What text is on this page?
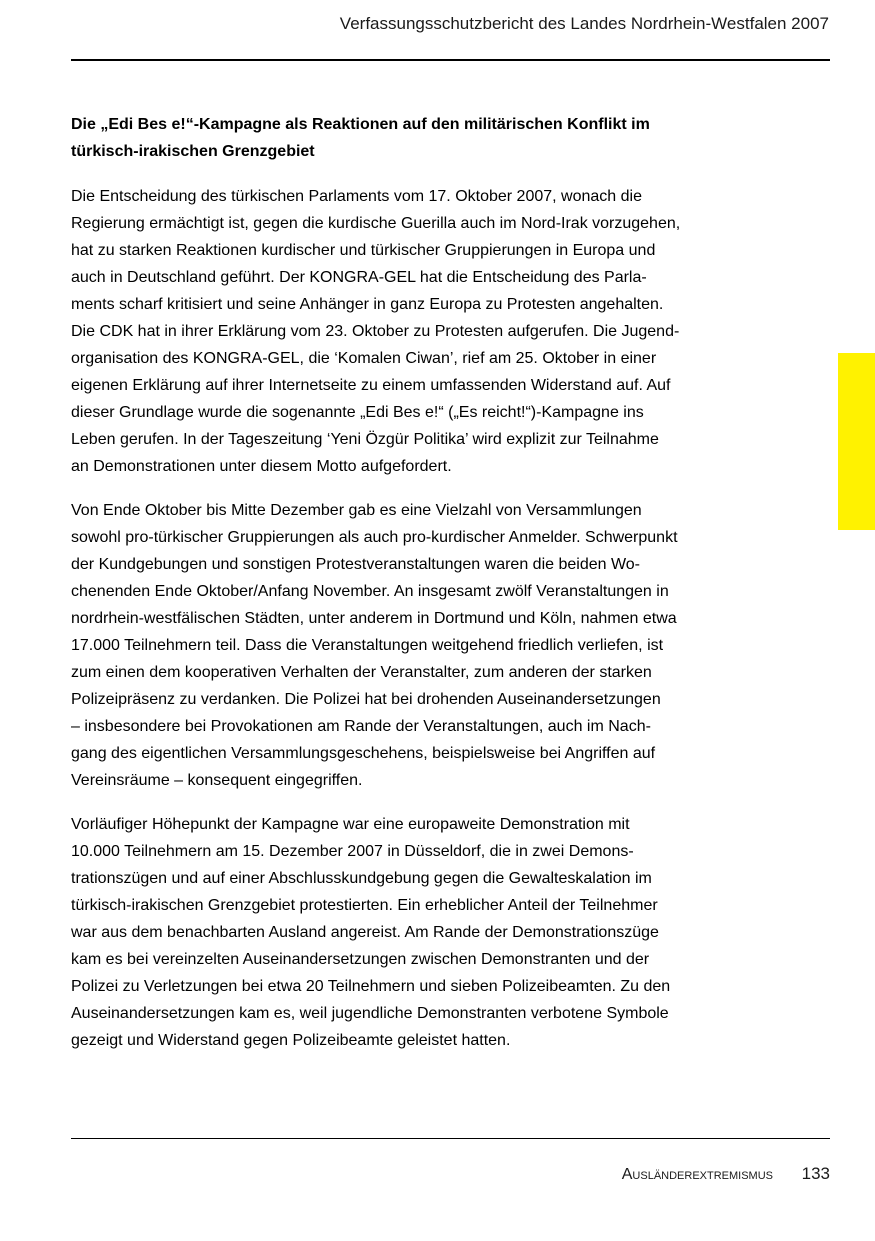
Verfassungsschutzbericht des Landes Nordrhein-Westfalen 2007
Die „Edi Bes e!“-Kampagne als Reaktionen auf den militärischen Konflikt im
türkisch-irakischen Grenzgebiet

Die Entscheidung des türkischen Parlaments vom 17. Oktober 2007, wonach die
Regierung ermächtigt ist, gegen die kurdische Guerilla auch im Nord-Irak vorzugehen,
hat zu starken Reaktionen kurdischer und türkischer Gruppierungen in Europa und
auch in Deutschland geführt. Der KONGRA-GEL hat die Entscheidung des Parla-
ments scharf kritisiert und seine Anhänger in ganz Europa zu Protesten angehalten.
Die CDK hat in ihrer Erklärung vom 23. Oktober zu Protesten aufgerufen. Die Jugend-
organisation des KONGRA-GEL, die ‘Komalen Ciwan’, rief am 25. Oktober in einer
eigenen Erklärung auf ihrer Internetseite zu einem umfassenden Widerstand auf. Auf
dieser Grundlage wurde die sogenannte „Edi Bes e!“ („Es reicht!“)-Kampagne ins
Leben gerufen. In der Tageszeitung ‘Yeni Özgür Politika’ wird explizit zur Teilnahme
an Demonstrationen unter diesem Motto aufgefordert.

Von Ende Oktober bis Mitte Dezember gab es eine Vielzahl von Versammlungen
sowohl pro-türkischer Gruppierungen als auch pro-kurdischer Anmelder. Schwerpunkt
der Kundgebungen und sonstigen Protestveranstaltungen waren die beiden Wo-
chenenden Ende Oktober/Anfang November. An insgesamt zwölf Veranstaltungen in
nordrhein-westfälischen Städten, unter anderem in Dortmund und Köln, nahmen etwa
17.000 Teilnehmern teil. Dass die Veranstaltungen weitgehend friedlich verliefen, ist
zum einen dem kooperativen Verhalten der Veranstalter, zum anderen der starken
Polizeipräsenz zu verdanken. Die Polizei hat bei drohenden Auseinandersetzungen
– insbesondere bei Provokationen am Rande der Veranstaltungen, auch im Nach-
gang des eigentlichen Versammlungsgeschehens, beispielsweise bei Angriffen auf
Vereinsräume – konsequent eingegriffen.

Vorläufiger Höhepunkt der Kampagne war eine europaweite Demonstration mit
10.000 Teilnehmern am 15. Dezember 2007 in Düsseldorf, die in zwei Demons-
trationszügen und auf einer Abschlusskundgebung gegen die Gewalteskalation im
türkisch-irakischen Grenzgebiet protestierten. Ein erheblicher Anteil der Teilnehmer
war aus dem benachbarten Ausland angereist. Am Rande der Demonstrationszüge
kam es bei vereinzelten Auseinandersetzungen zwischen Demonstranten und der
Polizei zu Verletzungen bei etwa 20 Teilnehmern und sieben Polizeibeamten. Zu den
Auseinandersetzungen kam es, weil jugendliche Demonstranten verbotene Symbole
gezeigt und Widerstand gegen Polizeibeamte geleistet hatten.

Ausländerextremismus 133
